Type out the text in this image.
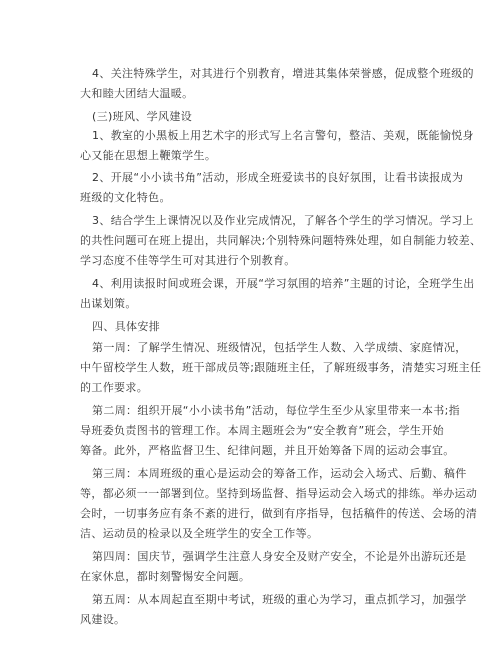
4、关注特殊学生，对其进行个别教育，增进其集体荣誉感，促成整个班级的
大和睦大团结大温暖。
(三)班风、学风建设
1、教室的小黑板上用艺术字的形式写上名言警句，整洁、美观，既能愉悦身
心又能在思想上鞭策学生。
2、开展“小小读书角”活动，形成全班爱读书的良好氛围，让看书读报成为
班级的文化特色。
3、结合学生上课情况以及作业完成情况，了解各个学生的学习情况。学习上
的共性问题可在班上提出，共同解决;个别特殊问题特殊处理，如自制能力较差、
学习态度不佳等学生可对其进行个别教育。
4、利用读报时间或班会课，开展“学习氛围的培养”主题的讨论，全班学生出
出谋划策。
四、具体安排
第一周：了解学生情况、班级情况，包括学生人数、入学成绩、家庭情况，
中午留校学生人数，班干部成员等;跟随班主任，了解班级事务，清楚实习班主任
的工作要求。
第二周：组织开展“小小读书角”活动，每位学生至少从家里带来一本书;指
导班委负责图书的管理工作。本周主题班会为“安全教育”班会，学生开始
筹备。此外，严格监督卫生、纪律问题，并且开始筹备下周的运动会事宜。
第三周：本周班级的重心是运动会的筹备工作，运动会入场式、后勤、稿件
等，都必须一一部署到位。坚持到场监督、指导运动会入场式的排练。举办运动
会时，一切事务应有条不紊的进行，做到有序指导，包括稿件的传送、会场的清
洁、运动员的检录以及全班学生的安全工作等。
第四周：国庆节，强调学生注意人身安全及财产安全，不论是外出游玩还是
在家休息，都时刻警惕安全问题。
第五周：从本周起直至期中考试，班级的重心为学习，重点抓学习，加强学
风建设。
